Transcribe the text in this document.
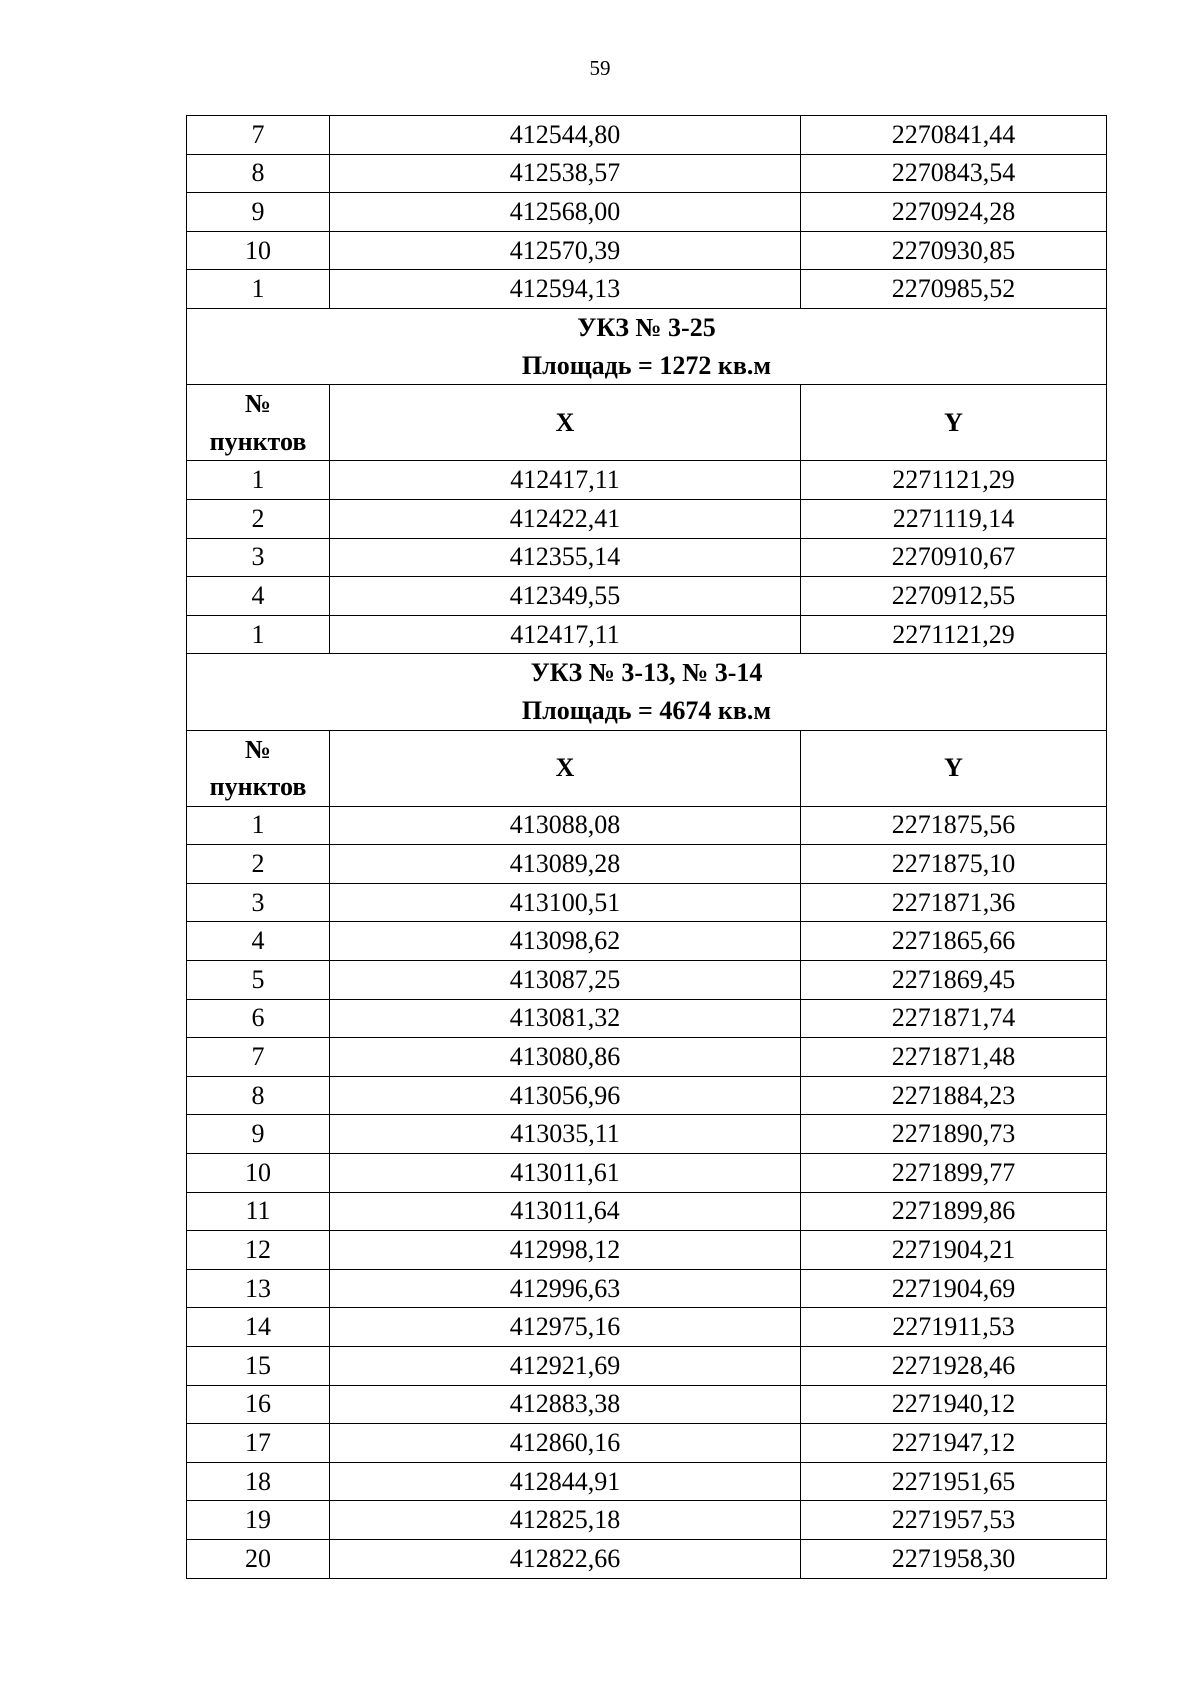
59
7	412544,80	2270841,44
8	412538,57	2270843,54
9	412568,00	2270924,28
10	412570,39	2270930,85
1	412594,13	2270985,52

УКЗ № 3-25
Площадь = 1272 кв.м		

№
пунктов	X	Y
1	412417,11	2271121,29
2	412422,41	2271119,14
3	412355,14	2270910,67
4	412349,55	2270912,55
1	412417,11	2271121,29

УКЗ № 3-13, № 3-14
Площадь = 4674 кв.м		

№
пунктов	X	Y
1	413088,08	2271875,56
2	413089,28	2271875,10
3	413100,51	2271871,36
4	413098,62	2271865,66
5	413087,25	2271869,45
6	413081,32	2271871,74
7	413080,86	2271871,48
8	413056,96	2271884,23
9	413035,11	2271890,73
10	413011,61	2271899,77
11	413011,64	2271899,86
12	412998,12	2271904,21
13	412996,63	2271904,69
14	412975,16	2271911,53
15	412921,69	2271928,46
16	412883,38	2271940,12
17	412860,16	2271947,12
18	412844,91	2271951,65
19	412825,18	2271957,53
20	412822,66	2271958,30
